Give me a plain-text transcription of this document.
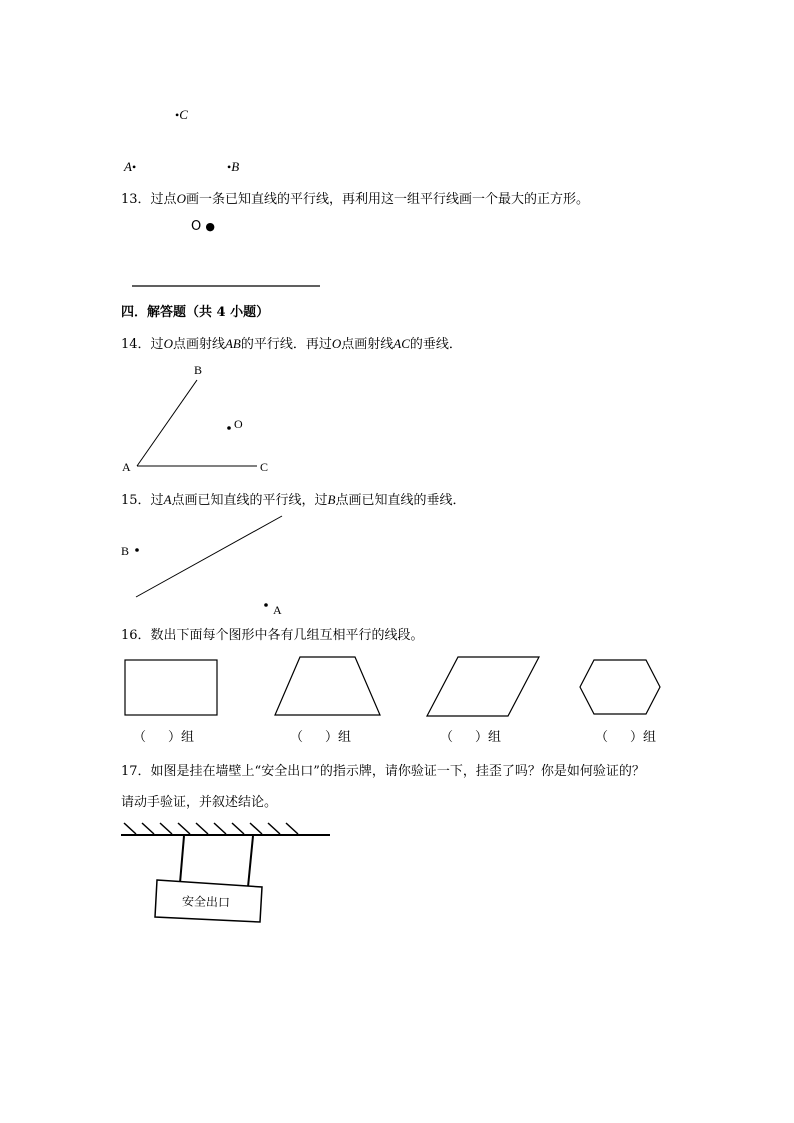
•C
A•	•B
13．过点O画一条已知直线的平行线，再利用这一组平行线画一个最大的正方形。
O ●
四．解答题（共 4 小题）
14．过O点画射线AB的平行线．再过O点画射线AC的垂线．
B
O
A	C
15．过A点画已知直线的平行线，过B点画已知直线的垂线．
B
A
16．数出下面每个图形中各有几组互相平行的线段。
（ ）组	（ ）组	（ ）组	（ ）组
17．如图是挂在墙壁上“安全出口”的指示牌，请你验证一下，挂歪了吗？你是如何验证的？
请动手验证，并叙述结论。
安全出口
